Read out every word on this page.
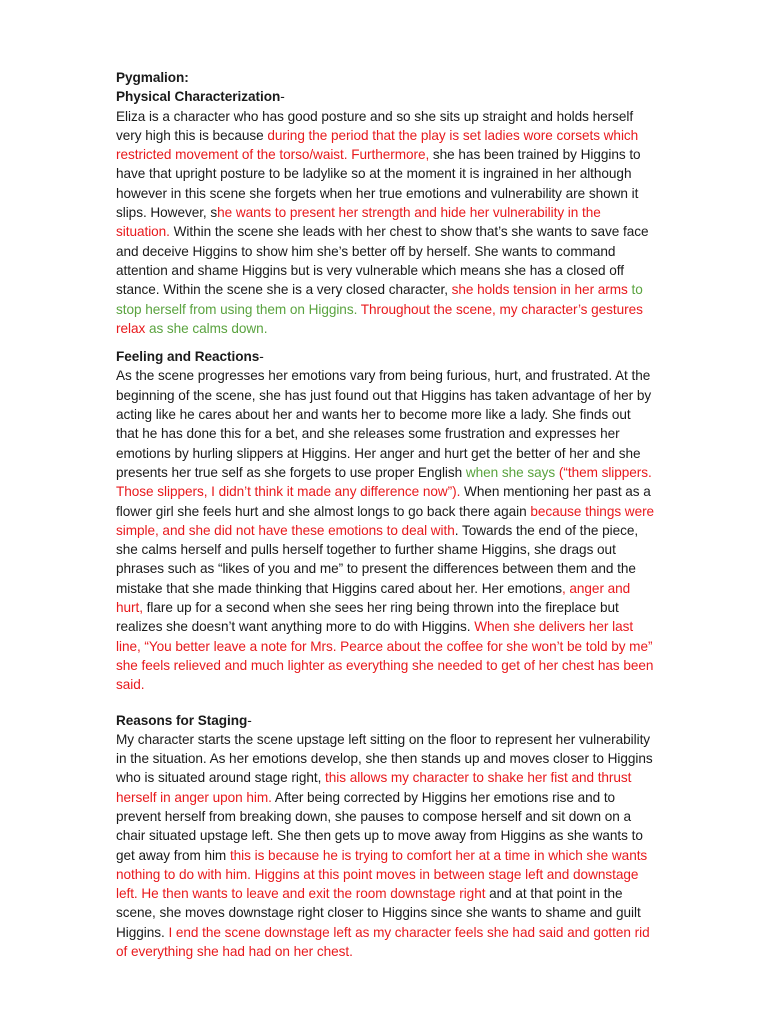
Pygmalion:

Physical Characterization-
Eliza is a character who has good posture and so she sits up straight and holds herself very high this is because during the period that the play is set ladies wore corsets which restricted movement of the torso/waist. Furthermore, she has been trained by Higgins to have that upright posture to be ladylike so at the moment it is ingrained in her although however in this scene she forgets when her true emotions and vulnerability are shown it slips. However, she wants to present her strength and hide her vulnerability in the situation. Within the scene she leads with her chest to show that’s she wants to save face and deceive Higgins to show him she’s better off by herself. She wants to command attention and shame Higgins but is very vulnerable which means she has a closed off stance. Within the scene she is a very closed character, she holds tension in her arms to stop herself from using them on Higgins. Throughout the scene, my character’s gestures relax as she calms down.

Feeling and Reactions-
As the scene progresses her emotions vary from being furious, hurt, and frustrated. At the beginning of the scene, she has just found out that Higgins has taken advantage of her by acting like he cares about her and wants her to become more like a lady. She finds out that he has done this for a bet, and she releases some frustration and expresses her emotions by hurling slippers at Higgins. Her anger and hurt get the better of her and she presents her true self as she forgets to use proper English when she says (“them slippers. Those slippers, I didn’t think it made any difference now”). When mentioning her past as a flower girl she feels hurt and she almost longs to go back there again because things were simple, and she did not have these emotions to deal with. Towards the end of the piece, she calms herself and pulls herself together to further shame Higgins, she drags out phrases such as “likes of you and me” to present the differences between them and the mistake that she made thinking that Higgins cared about her. Her emotions, anger and hurt, flare up for a second when she sees her ring being thrown into the fireplace but realizes she doesn’t want anything more to do with Higgins. When she delivers her last line, “You better leave a note for Mrs. Pearce about the coffee for she won’t be told by me” she feels relieved and much lighter as everything she needed to get of her chest has been said.

Reasons for Staging-
My character starts the scene upstage left sitting on the floor to represent her vulnerability in the situation. As her emotions develop, she then stands up and moves closer to Higgins who is situated around stage right, this allows my character to shake her fist and thrust herself in anger upon him. After being corrected by Higgins her emotions rise and to prevent herself from breaking down, she pauses to compose herself and sit down on a chair situated upstage left. She then gets up to move away from Higgins as she wants to get away from him this is because he is trying to comfort her at a time in which she wants nothing to do with him. Higgins at this point moves in between stage left and downstage left. He then wants to leave and exit the room downstage right and at that point in the scene, she moves downstage right closer to Higgins since she wants to shame and guilt Higgins. I end the scene downstage left as my character feels she had said and gotten rid of everything she had had on her chest.
